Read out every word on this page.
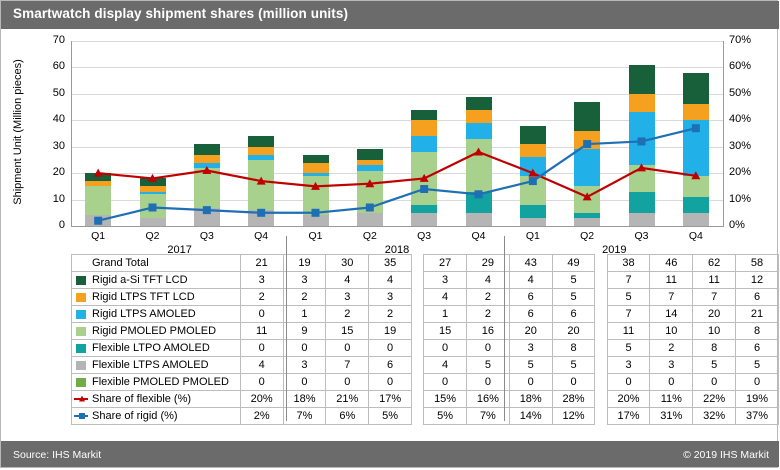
Smartwatch display shipment shares (million units)
Shipment Unit (Million pieces)
0	0%
10	10%
20	20%
30	30%
40	40%
50	50%
60	60%
70	70%
Q1	Q2	Q3	Q4	Q1	Q2	Q3	Q4	Q1	Q2	Q3	Q4
Grand Total	21	19	30	35		27	29	43	49		38	46	62	58

Rigid a-Si TFT LCD	3	3	4	4		3	4	4	5		7	11	11	12

Rigid LTPS TFT LCD	2	2	3	3		4	2	6	5		5	7	7	6

Rigid LTPS AMOLED	0	1	2	2		1	2	6	6		7	14	20	21

Rigid PMOLED PMOLED	11	9	15	19		15	16	20	20		11	10	10	8

Flexible LTPO AMOLED	0	0	0	0		0	0	3	8		5	2	8	6

Flexible LTPS AMOLED	4	3	7	6		4	5	5	5		3	3	5	5

Flexible PMOLED PMOLED	0	0	0	0		0	0	0	0		0	0	0	0

Share of flexible (%)	20%	18%	21%	17%		15%	16%	18%	28%		20%	11%	22%	19%

Share of rigid (%)	2%	7%	6%	5%		5%	7%	14%	12%		17%	31%	32%	37%
Source: IHS Markit	© 2019 IHS Markit
2017	2018	2019
